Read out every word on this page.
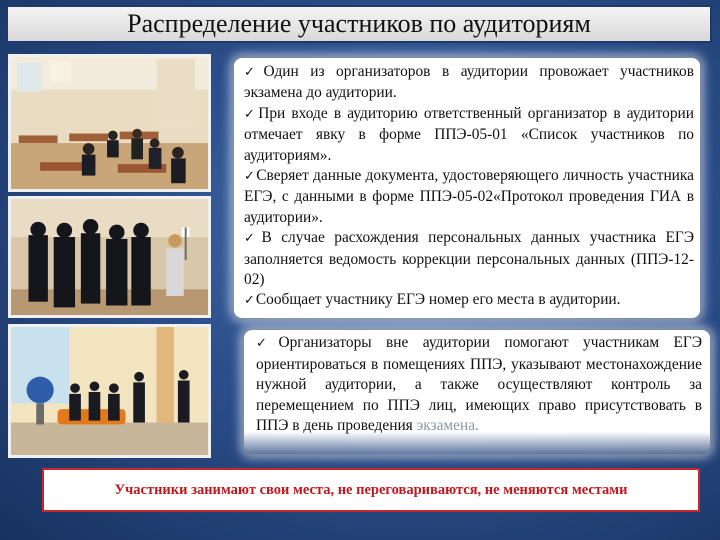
Распределение участников по аудиториям

✓Один из организаторов в аудитории провожает участников экзамена до аудитории.

✓При входе в аудиторию ответственный организатор в аудитории отмечает явку в форме ППЭ-05-01 «Список участников по аудиториям».

✓Сверяет данные документа, удостоверяющего личность участника ЕГЭ, с данными в форме ППЭ-05-02«Протокол проведения ГИА в аудитории».

✓В случае расхождения персональных данных участника ЕГЭ заполняется ведомость коррекции персональных данных (ППЭ-12-02)

✓Сообщает участнику ЕГЭ номер его места в аудитории.

✓Организаторы вне аудитории помогают участникам ЕГЭ ориентироваться в помещениях ППЭ, указывают местонахождение нужной аудитории, а также осуществляют контроль за перемещением по ППЭ лиц, имеющих право присутствовать в ППЭ в день проведения экзамена.

Участники занимают свои места, не переговариваются, не меняются местами
